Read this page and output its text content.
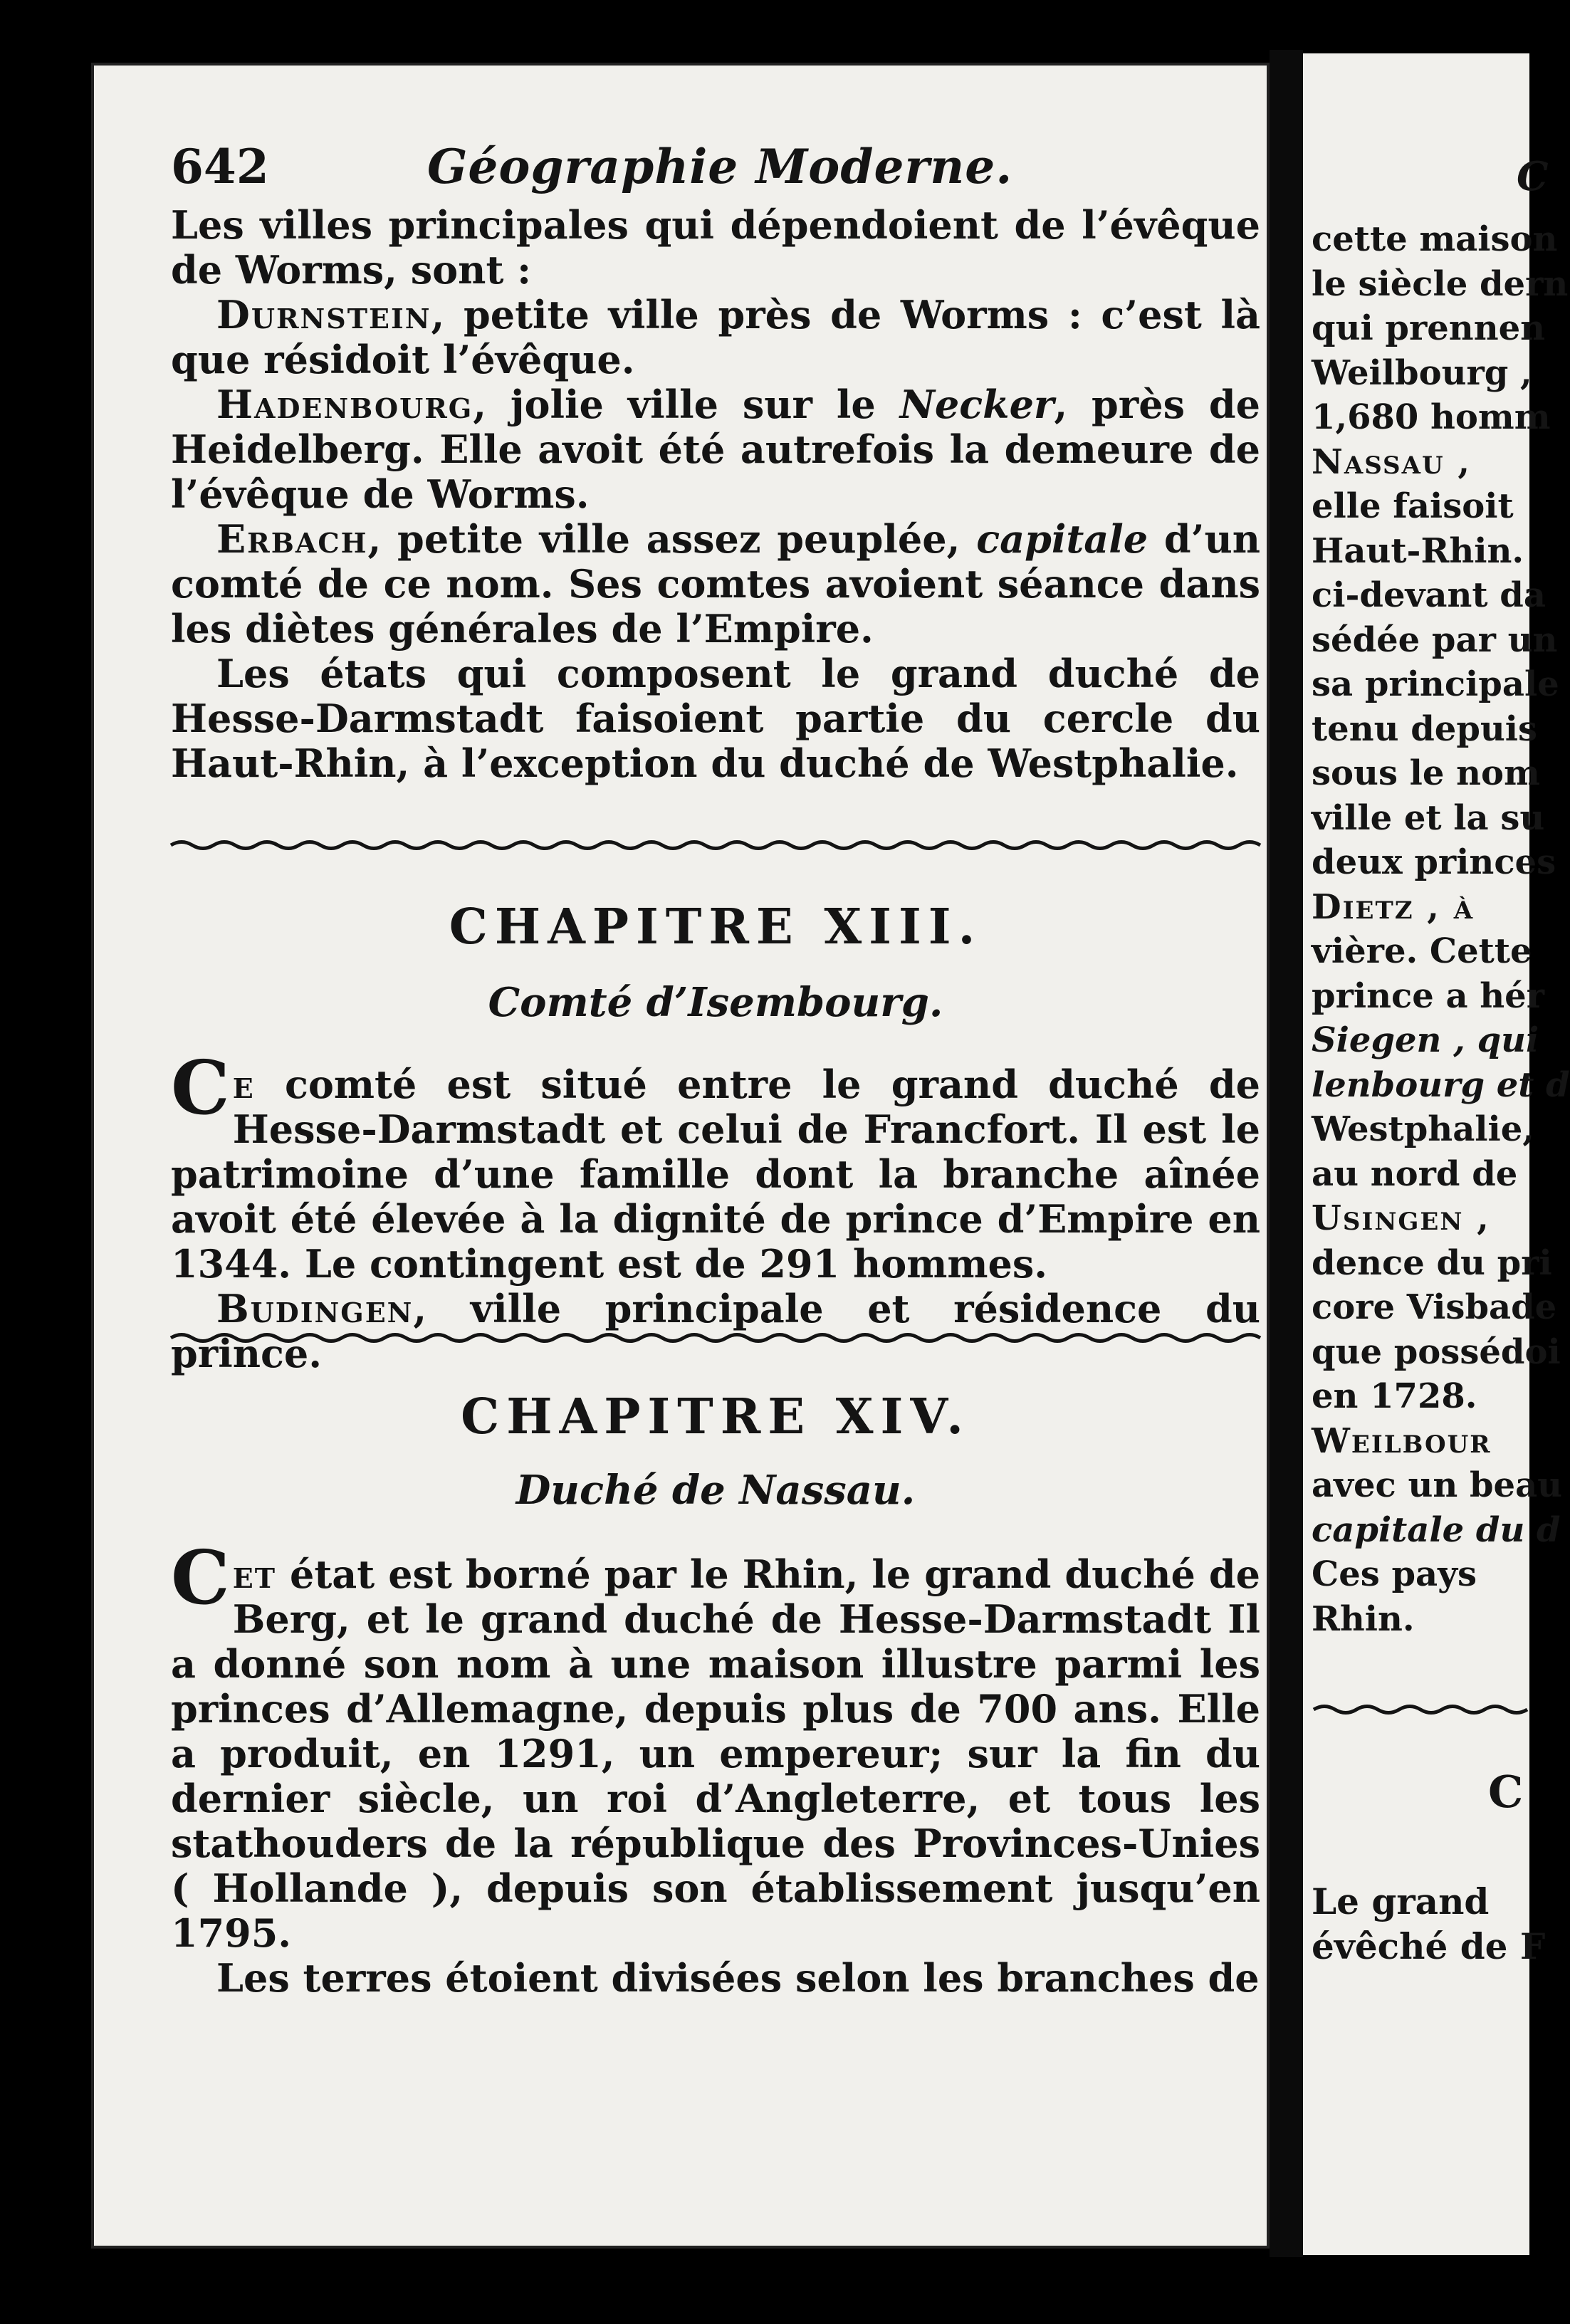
642	Géographie Moderne.

Les villes principales qui dépendoient de l’évêque de Worms, sont :

Durnstein, petite ville près de Worms : c’est là que résidoit l’évêque.

Hadenbourg, jolie ville sur le Necker, près de Heidelberg. Elle avoit été autrefois la demeure de l’évêque de Worms.

Erbach, petite ville assez peuplée, capitale d’un comté de ce nom. Ses comtes avoient séance dans les diètes générales de l’Empire.

Les états qui composent le grand duché de Hesse-Darmstadt faisoient partie du cercle du Haut-Rhin, à l’exception du duché de Westphalie.

CHAPITRE XIII.
Comté d’Isembourg.

Ce comté est situé entre le grand duché de Hesse-Darmstadt et celui de Francfort. Il est le patrimoine d’une famille dont la branche aînée avoit été élevée à la dignité de prince d’Empire en 1344. Le contingent est de 291 hommes.

Budingen, ville principale et résidence du prince.

CHAPITRE XIV.
Duché de Nassau.

Cet état est borné par le Rhin, le grand duché de Berg, et le grand duché de Hesse-Darmstadt Il a donné son nom à une maison illustre parmi les princes d’Allemagne, depuis plus de 700 ans. Elle a produit, en 1291, un empereur; sur la fin du dernier siècle, un roi d’Angleterre, et tous les stathouders de la république des Provinces-Unies ( Hollande ), depuis son établissement jusqu’en 1795.

Les terres étoient divisées selon les branches de

C
cette maison
le siècle dern
qui prennen
Weilbourg ,
1,680 homm
Nassau ,
elle faisoit
Haut-Rhin.
ci-devant da
sédée par un
sa principale
tenu depuis
sous le nom
ville et la su
deux princes
Dietz , à
vière. Cette
prince a hér
Siegen , qui
lenbourg et d
Westphalie,
au nord de
Usingen ,
dence du pri
core Visbade
que possédoi
en 1728.
Weilbour
avec un beau
capitale du d
Ces pays
Rhin.
C
Le grand
évêché de F
